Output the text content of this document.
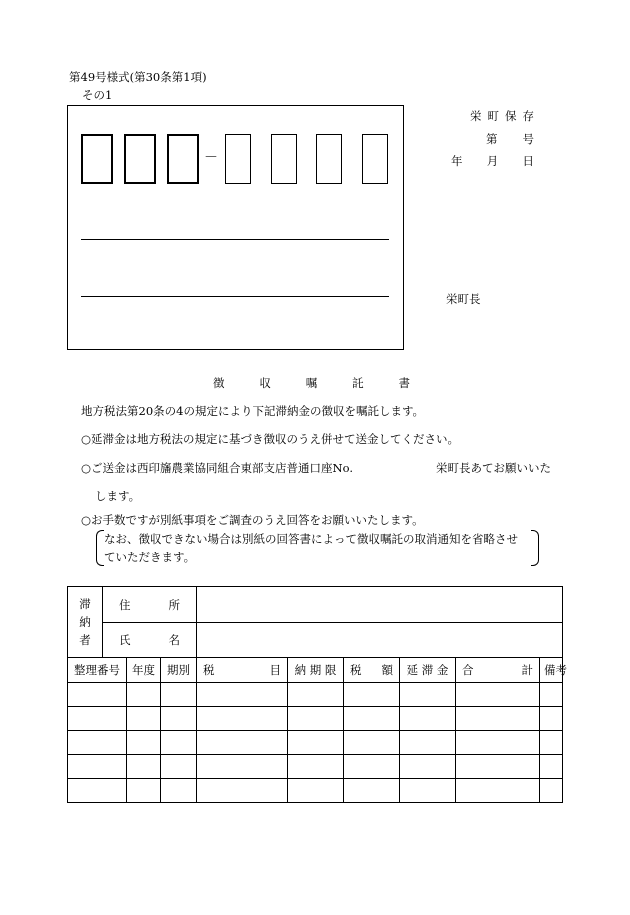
第49号様式(第30条第1項)
その1
－
栄 町 保 存
第 号
年 月 日
栄町長
徴	収	嘱	託	書
地方税法第20条の4の規定により下記滞納金の徴収を嘱託します。
○延滞金は地方税法の規定に基づき徴収のうえ併せて送金してください。
○ご送金は西印旛農業協同組合東部支店普通口座No.	栄町長あてお願いいた
します。
○お手数ですが別紙事項をご調査のうえ回答をお願いいたします。
なお、徴収できない場合は別紙の回答書によって徴収嘱託の取消通知を省略させ
ていただきます。
滞
納
者	住 所								

	氏 名								

整理番号		年度	期別	税 目	納 期 限	税 額	延 滞 金	合 計	備 考
